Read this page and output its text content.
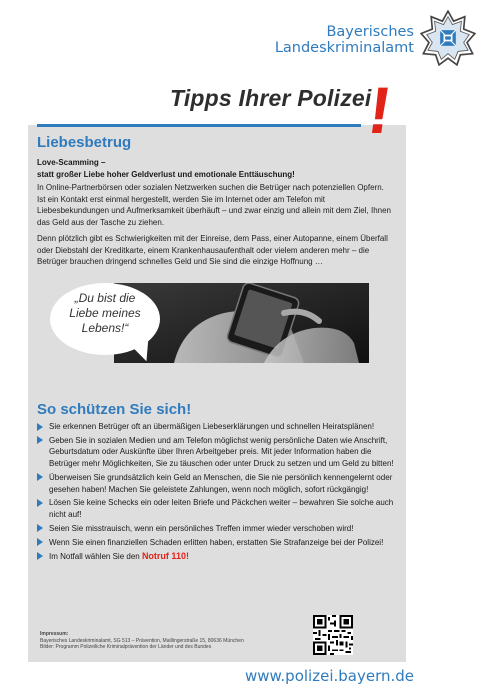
Bayerisches
Landeskriminalamt
Tipps Ihrer Polizei
!
Liebesbetrug
Love-Scamming –
statt großer Liebe hoher Geldverlust und emotionale Enttäuschung!
In Online-Partnerbörsen oder sozialen Netzwerken suchen die Betrüger nach potenziellen Opfern. Ist ein Kontakt erst einmal hergestellt, werden Sie im Internet oder am Telefon mit Liebesbekundungen und Aufmerksamkeit überhäuft – und zwar einzig und allein mit dem Ziel, Ihnen das Geld aus der Tasche zu ziehen.
Denn plötzlich gibt es Schwierigkeiten mit der Einreise, dem Pass, einer Autopanne, einem Überfall oder Diebstahl der Kreditkarte, einem Krankenhausaufenthalt oder vielem anderen mehr – die Betrüger brauchen dringend schnelles Geld und Sie sind die einzige Hoffnung …
„Du bist die
Liebe meines
Lebens!“
So schützen Sie sich!
Sie erkennen Betrüger oft an übermäßigen Liebeserklärungen und schnellen Heiratsplänen!
Geben Sie in sozialen Medien und am Telefon möglichst wenig persönliche Daten wie Anschrift, Geburtsdatum oder Auskünfte über Ihren Arbeitgeber preis. Mit jeder Information haben die Betrüger mehr Möglichkeiten, Sie zu täuschen oder unter Druck zu setzen und um Geld zu bitten!
Überweisen Sie grundsätzlich kein Geld an Menschen, die Sie nie persönlich kennengelernt oder gesehen haben! Machen Sie geleistete Zahlungen, wenn noch möglich, sofort rückgängig!
Lösen Sie keine Schecks ein oder leiten Briefe und Päckchen weiter – bewahren Sie solche auch nicht auf!
Seien Sie misstrauisch, wenn ein persönliches Treffen immer wieder verschoben wird!
Wenn Sie einen finanziellen Schaden erlitten haben, erstatten Sie Strafanzeige bei der Polizei!
Im Notfall wählen Sie den Notruf 110!
Impressum:
Bayerisches Landeskriminalamt, SG 513 – Prävention, Maillingerstraße 15, 80636 München
Bilder: Programm Polizeiliche Kriminalprävention der Länder und des Bundes
www.polizei.bayern.de
